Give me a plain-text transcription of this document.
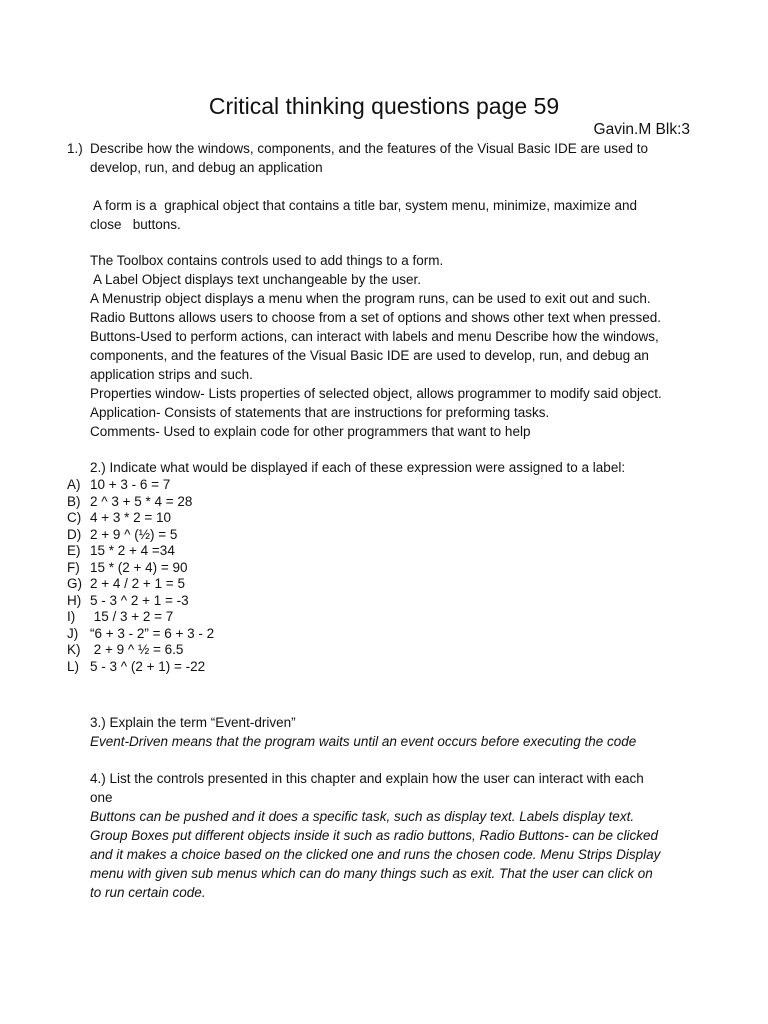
Critical thinking questions page 59
Gavin.M Blk:3
1.) Describe how the windows, components, and the features of the Visual Basic IDE are used to
develop, run, and debug an application
A form is a  graphical object that contains a title bar, system menu, minimize, maximize and
close   buttons.
The Toolbox contains controls used to add things to a form.
A Label Object displays text unchangeable by the user.
A Menustrip object displays a menu when the program runs, can be used to exit out and such.
Radio Buttons allows users to choose from a set of options and shows other text when pressed.
Buttons-Used to perform actions, can interact with labels and menu Describe how the windows,
components, and the features of the Visual Basic IDE are used to develop, run, and debug an
application strips and such.
Properties window- Lists properties of selected object, allows programmer to modify said object.
Application- Consists of statements that are instructions for preforming tasks.
Comments- Used to explain code for other programmers that want to help
2.) Indicate what would be displayed if each of these expression were assigned to a label:
A) 10 + 3 - 6 = 7
B) 2 ^ 3 + 5 * 4 = 28
C) 4 + 3 * 2 = 10
D) 2 + 9 ^ (½) = 5
E) 15 * 2 + 4 =34
F) 15 * (2 + 4) = 90
G) 2 + 4 / 2 + 1 = 5
H) 5 - 3 ^ 2 + 1 = -3
I)	15 / 3 + 2 = 7
J) “6 + 3 - 2” = 6 + 3 - 2
K) 2 + 9 ^ ½ = 6.5
L) 5 - 3 ^ (2 + 1) = -22
3.) Explain the term “Event-driven”
Event-Driven means that the program waits until an event occurs before executing the code
4.) List the controls presented in this chapter and explain how the user can interact with each
one
Buttons can be pushed and it does a specific task, such as display text. Labels display text.
Group Boxes put different objects inside it such as radio buttons, Radio Buttons- can be clicked
and it makes a choice based on the clicked one and runs the chosen code. Menu Strips Display
menu with given sub menus which can do many things such as exit. That the user can click on
to run certain code.
